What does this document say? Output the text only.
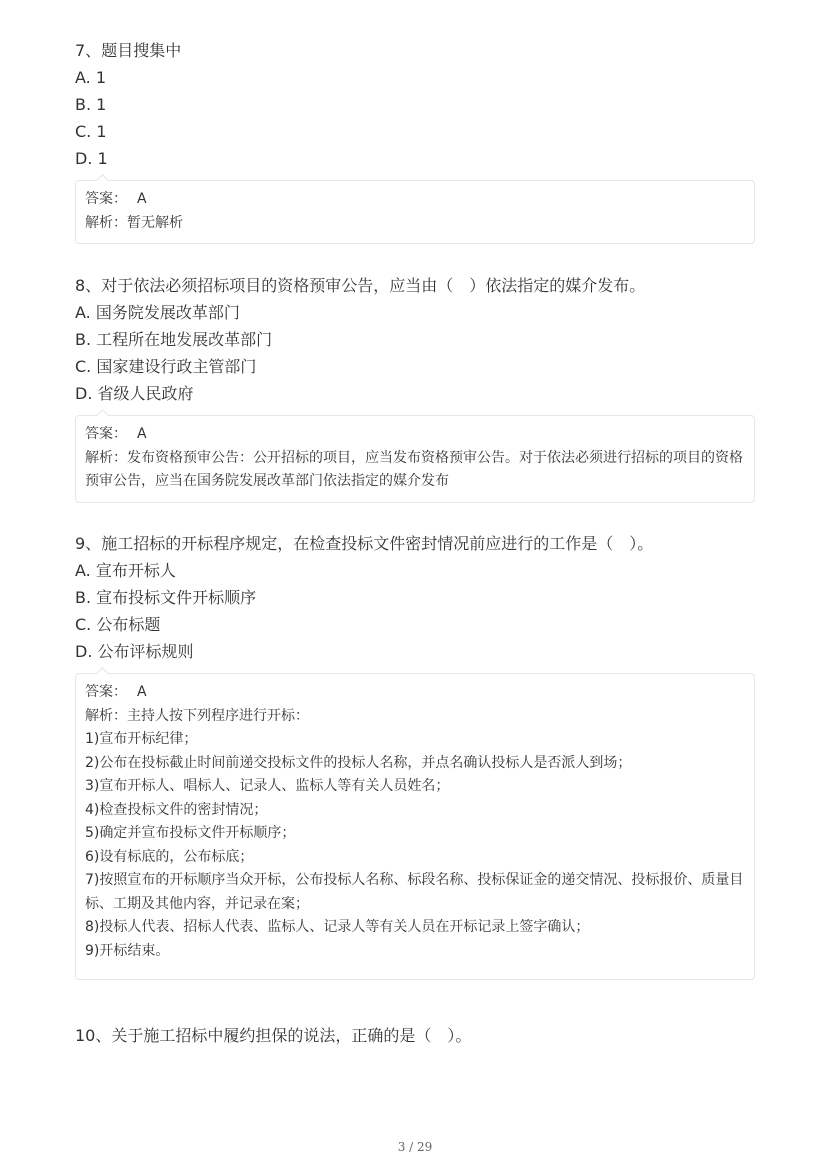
7、题目搜集中

A. 1

B. 1

C. 1

D. 1

答案： A
解析：暂无解析

8、对于依法必须招标项目的资格预审公告，应当由（　）依法指定的媒介发布。

A. 国务院发展改革部门

B. 工程所在地发展改革部门

C. 国家建设行政主管部门

D. 省级人民政府

答案： A
解析：发布资格预审公告：公开招标的项目，应当发布资格预审公告。对于依法必须进行招标的项目的资格预审公告，应当在国务院发展改革部门依法指定的媒介发布

9、施工招标的开标程序规定，在检查投标文件密封情况前应进行的工作是（　）。

A. 宣布开标人

B. 宣布投标文件开标顺序

C. 公布标题

D. 公布评标规则

答案： A
解析：主持人按下列程序进行开标：
1)宣布开标纪律；
2)公布在投标截止时间前递交投标文件的投标人名称，并点名确认投标人是否派人到场；
3)宣布开标人、唱标人、记录人、监标人等有关人员姓名；
4)检查投标文件的密封情况；
5)确定并宣布投标文件开标顺序；
6)设有标底的，公布标底；
7)按照宣布的开标顺序当众开标，公布投标人名称、标段名称、投标保证金的递交情况、投标报价、质量目标、工期及其他内容，并记录在案；
8)投标人代表、招标人代表、监标人、记录人等有关人员在开标记录上签字确认；
9)开标结束。

10、关于施工招标中履约担保的说法，正确的是（　）。

3 / 29
